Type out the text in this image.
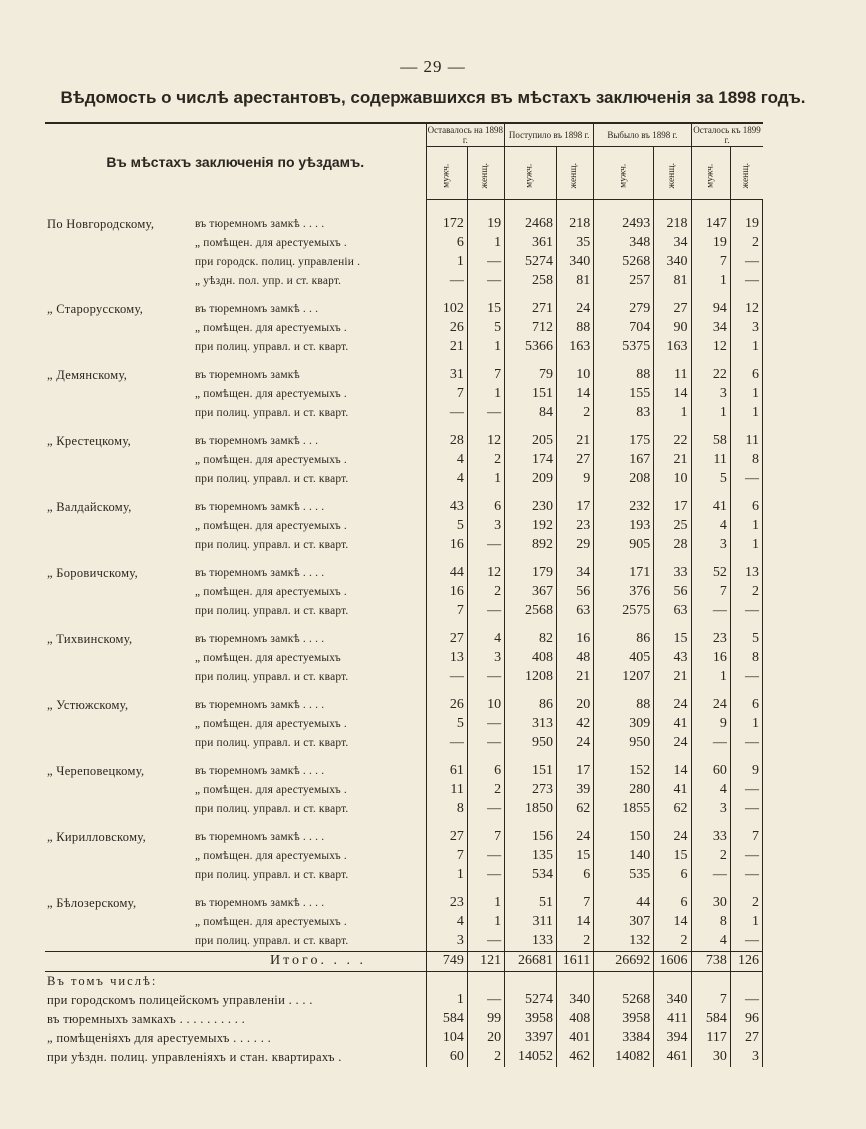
— 29 —
Вѣдомость о числѣ арестантовъ, содержавшихся въ мѣстахъ заключенія за 1898 годъ.

Въ мѣстахъ заключенія по уѣздамъ.	Оставалось на 1898 г.		Поступило въ 1898 г.		Выбыло въ 1898 г.		Осталось къ 1899 г.	
	мужч.	женщ.	мужч.	женщ.	мужч.	женщ.	мужч.	женщ.

По Новгородскому, въ тюремномъ замкѣ . . . .	172	19	2468	218	2493	218	147	19

„ помѣщен. для арестуемыхъ .	6	1	361	35	348	34	19	2

при городск. полиц. управленіи .	1	—	5274	340	5268	340	7	—

„ уѣздн. пол. упр. и ст. кварт.	—	—	258	81	257	81	1	—

„ Старорусскому, въ тюремномъ замкѣ . . .	102	15	271	24	279	27	94	12

„ помѣщен. для арестуемыхъ .	26	5	712	88	704	90	34	3

при полиц. управл. и ст. кварт.	21	1	5366	163	5375	163	12	1

„ Демянскому, въ тюремномъ замкѣ	31	7	79	10	88	11	22	6

„ помѣщен. для арестуемыхъ .	7	1	151	14	155	14	3	1

при полиц. управл. и ст. кварт.	—	—	84	2	83	1	1	1

„ Крестецкому, въ тюремномъ замкѣ . . .	28	12	205	21	175	22	58	11

„ помѣщен. для арестуемыхъ .	4	2	174	27	167	21	11	8

при полиц. управл. и ст. кварт.	4	1	209	9	208	10	5	—

„ Валдайскому, въ тюремномъ замкѣ . . . .	43	6	230	17	232	17	41	6

„ помѣщен. для арестуемыхъ .	5	3	192	23	193	25	4	1

при полиц. управл. и ст. кварт.	16	—	892	29	905	28	3	1

„ Боровичскому, въ тюремномъ замкѣ . . . .	44	12	179	34	171	33	52	13

„ помѣщен. для арестуемыхъ .	16	2	367	56	376	56	7	2

при полиц. управл. и ст. кварт.	7	—	2568	63	2575	63	—	—

„ Тихвинскому, въ тюремномъ замкѣ . . . .	27	4	82	16	86	15	23	5

„ помѣщен. для арестуемыхъ	13	3	408	48	405	43	16	8

при полиц. управл. и ст. кварт.	—	—	1208	21	1207	21	1	—

„ Устюжскому, въ тюремномъ замкѣ . . . .	26	10	86	20	88	24	24	6

„ помѣщен. для арестуемыхъ .	5	—	313	42	309	41	9	1

при полиц. управл. и ст. кварт.	—	—	950	24	950	24	—	—

„ Череповецкому, въ тюремномъ замкѣ . . . .	61	6	151	17	152	14	60	9

„ помѣщен. для арестуемыхъ .	11	2	273	39	280	41	4	—

при полиц. управл. и ст. кварт.	8	—	1850	62	1855	62	3	—

„ Кирилловскому, въ тюремномъ замкѣ . . . .	27	7	156	24	150	24	33	7

„ помѣщен. для арестуемыхъ .	7	—	135	15	140	15	2	—

при полиц. управл. и ст. кварт.	1	—	534	6	535	6	—	—

„ Бѣлозерскому, въ тюремномъ замкѣ . . . .	23	1	51	7	44	6	30	2

„ помѣщен. для арестуемыхъ .	4	1	311	14	307	14	8	1

при полиц. управл. и ст. кварт.	3	—	133	2	132	2	4	—

Итого. . . .	749	121	26681	1611	26692	1606	738	126

Въ томъ числѣ:								

при городскомъ полицейскомъ управленіи . . . .	1	—	5274	340	5268	340	7	—

въ тюремныхъ замкахъ . . . . . . . . . .	584	99	3958	408	3958	411	584	96

„ помѣщеніяхъ для арестуемыхъ . . . . . .	104	20	3397	401	3384	394	117	27

при уѣздн. полиц. управленіяхъ и стан. квартирахъ .	60	2	14052	462	14082	461	30	3
